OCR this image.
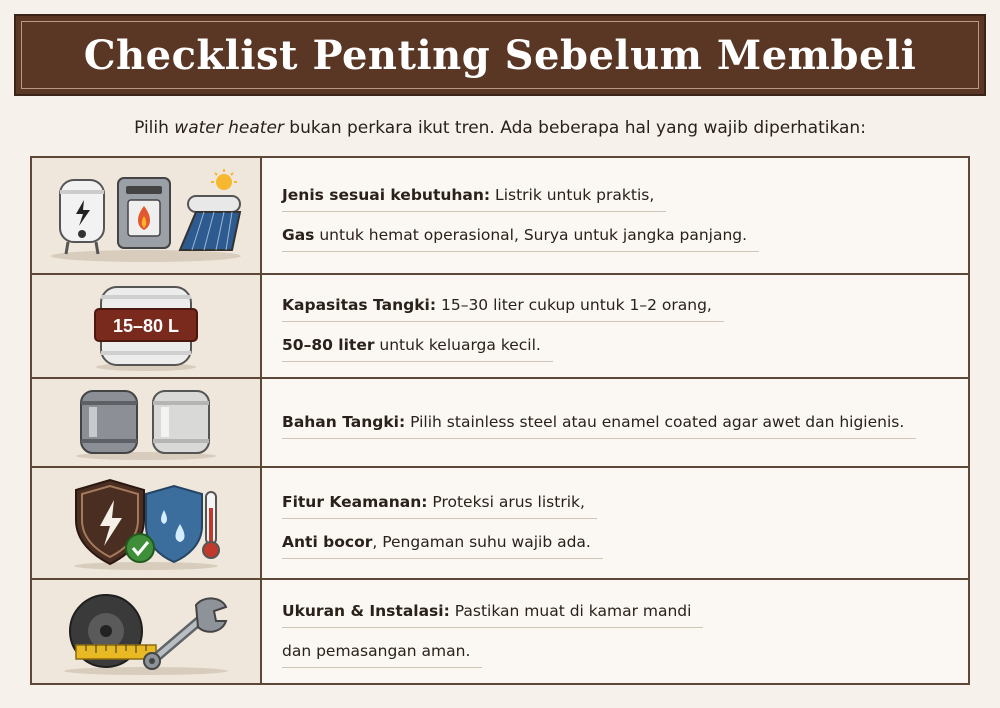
Checklist Penting Sebelum Membeli
Pilih water heater bukan perkara ikut tren. Ada beberapa hal yang wajib diperhatikan:
Jenis sesuai kebutuhan: Listrik untuk praktis,
Gas untuk hemat operasional, Surya untuk jangka panjang.
15–80 L
Kapasitas Tangki: 15–30 liter cukup untuk 1–2 orang,
50–80 liter untuk keluarga kecil.
Bahan Tangki: Pilih stainless steel atau enamel coated agar awet dan higienis.
Fitur Keamanan: Proteksi arus listrik,
Anti bocor, Pengaman suhu wajib ada.
Ukuran & Instalasi: Pastikan muat di kamar mandi
dan pemasangan aman.
